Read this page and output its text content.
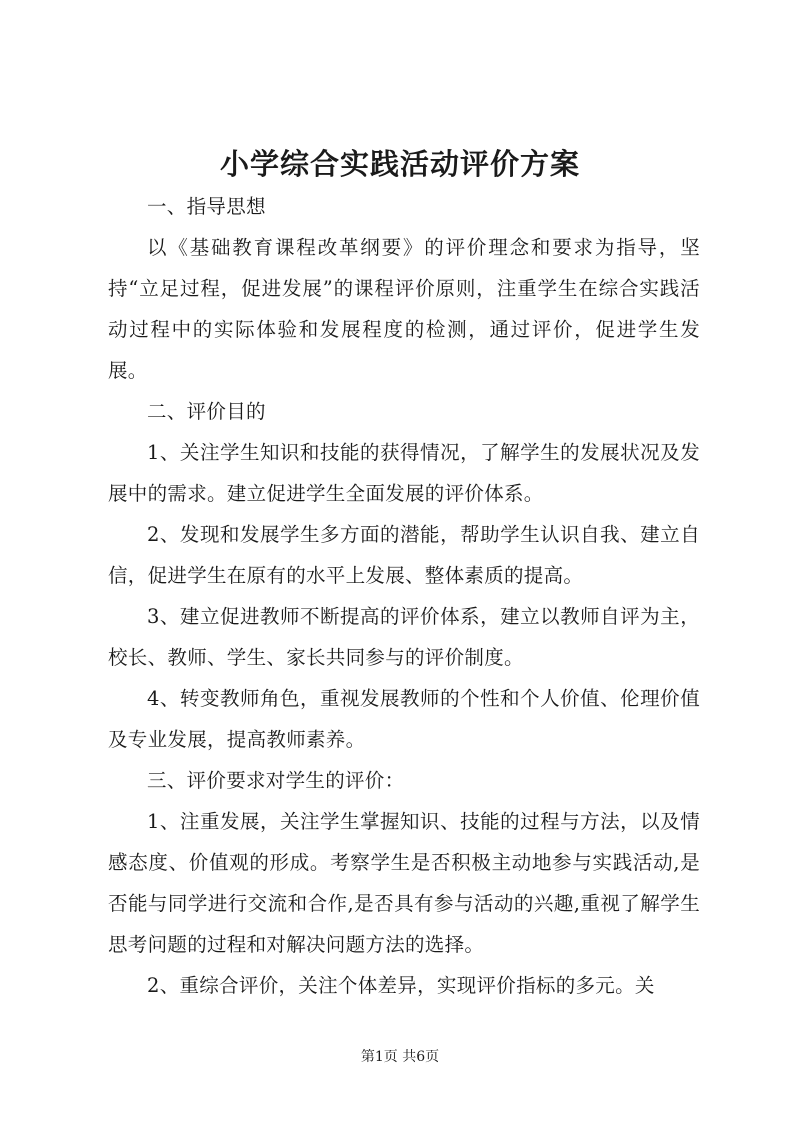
小学综合实践活动评价方案

一、指导思想

以《基础教育课程改革纲要》的评价理念和要求为指导，坚持“立足过程，促进发展”的课程评价原则，注重学生在综合实践活动过程中的实际体验和发展程度的检测，通过评价，促进学生发展。

二、评价目的

1、关注学生知识和技能的获得情况，了解学生的发展状况及发展中的需求。建立促进学生全面发展的评价体系。

2、发现和发展学生多方面的潜能，帮助学生认识自我、建立自信，促进学生在原有的水平上发展、整体素质的提高。

3、建立促进教师不断提高的评价体系，建立以教师自评为主，校长、教师、学生、家长共同参与的评价制度。

4、转变教师角色，重视发展教师的个性和个人价值、伦理价值及专业发展，提高教师素养。

三、评价要求对学生的评价：

1、注重发展，关注学生掌握知识、技能的过程与方法，以及情感态度、价值观的形成。考察学生是否积极主动地参与实践活动,是否能与同学进行交流和合作,是否具有参与活动的兴趣,重视了解学生思考问题的过程和对解决问题方法的选择。

2、重综合评价，关注个体差异，实现评价指标的多元。关

第1页 共6页
